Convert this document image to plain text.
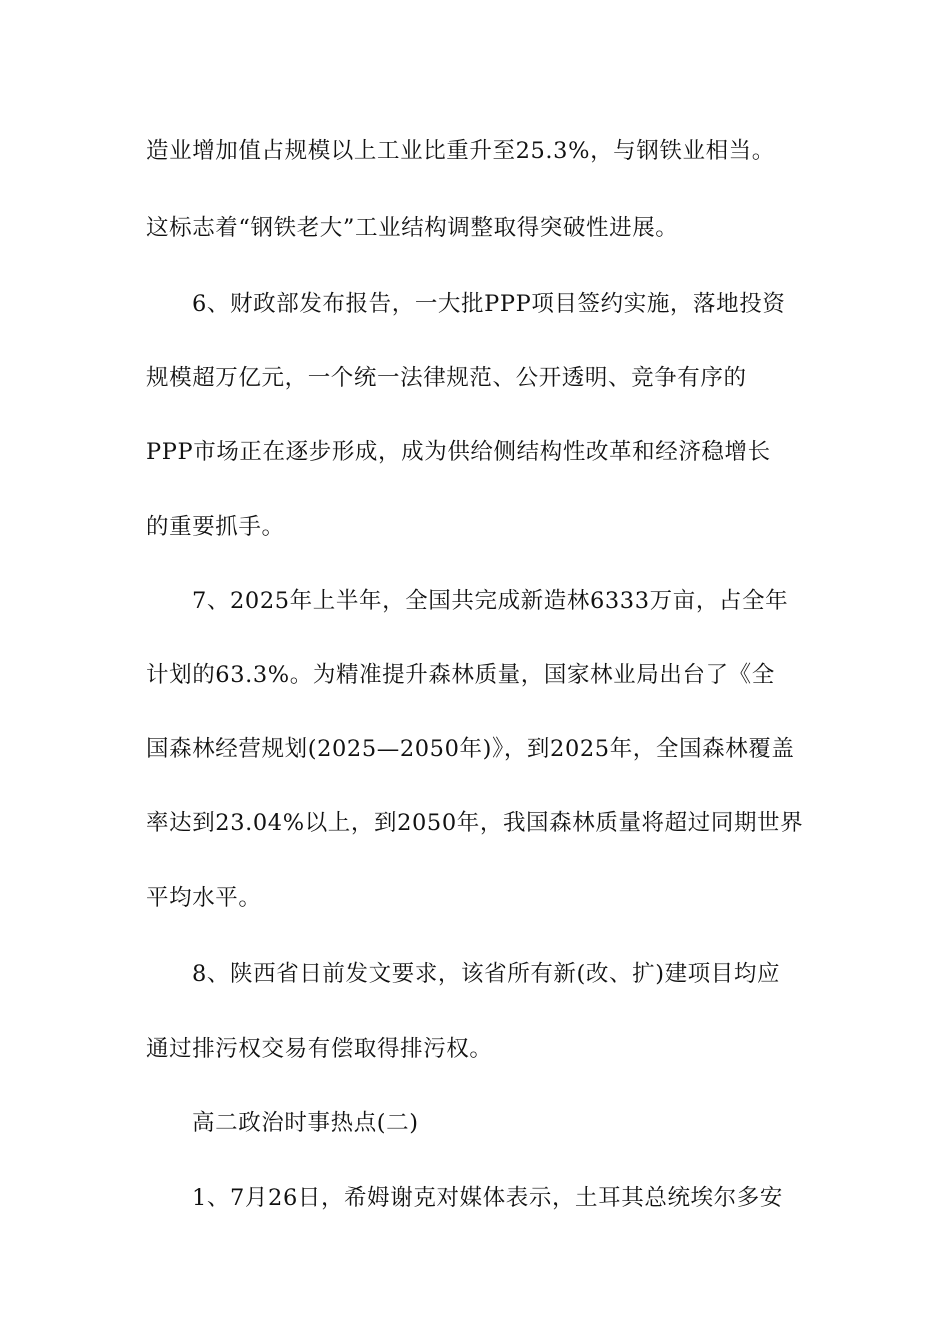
造业增加值占规模以上工业比重升至25.3%，与钢铁业相当。
这标志着“钢铁老大”工业结构调整取得突破性进展。
6、财政部发布报告，一大批PPP项目签约实施，落地投资
规模超万亿元，一个统一法律规范、公开透明、竞争有序的
PPP市场正在逐步形成，成为供给侧结构性改革和经济稳增长
的重要抓手。
7、2025年上半年，全国共完成新造林6333万亩，占全年
计划的63.3%。为精准提升森林质量，国家林业局出台了《全
国森林经营规划(2025—2050年)》，到2025年，全国森林覆盖
率达到23.04%以上，到2050年，我国森林质量将超过同期世界
平均水平。
8、陕西省日前发文要求，该省所有新(改、扩)建项目均应
通过排污权交易有偿取得排污权。
高二政治时事热点(二)
1、7月26日，希姆谢克对媒体表示，土耳其总统埃尔多安
